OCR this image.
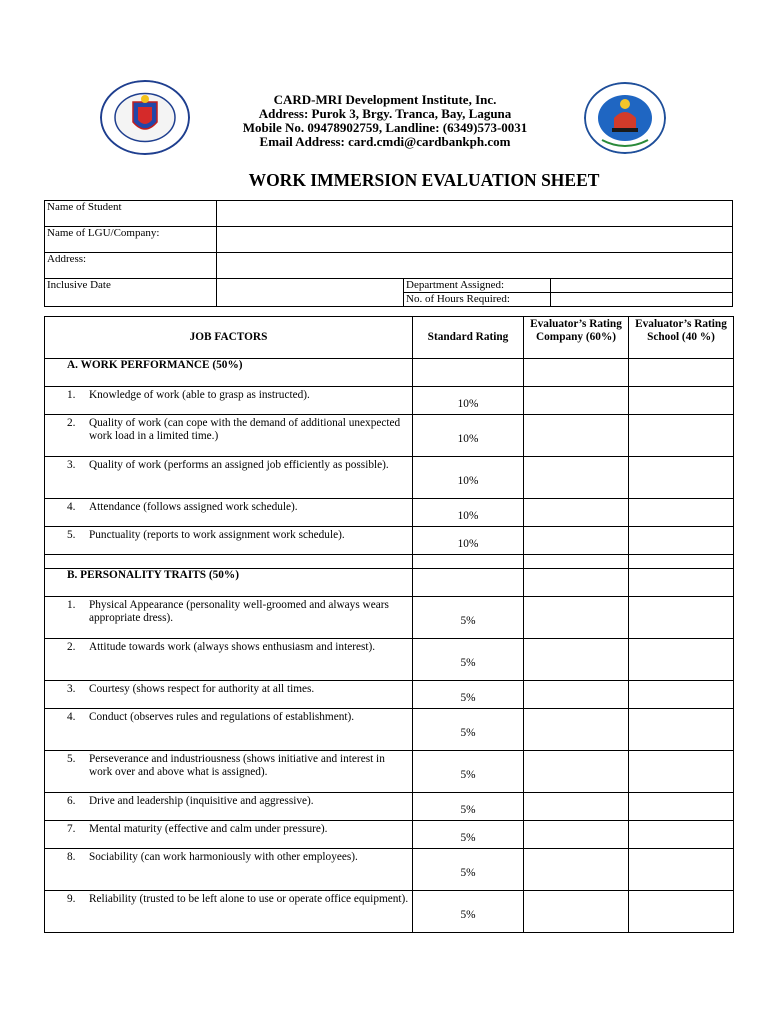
CARD-MRI Development Institute, Inc.
Address: Purok 3, Brgy. Tranca, Bay, Laguna
Mobile No. 09478902759, Landline: (6349)573-0031
Email Address: card.cmdi@cardbankph.com
WORK IMMERSION EVALUATION SHEET
Name of Student			
Name of LGU/Company:			
Address:			
Inclusive Date		Department Assigned:	
		No. of Hours Required:	
JOB FACTORS	Standard Rating	Evaluator’s Rating Company (60%)	Evaluator’s Rating School (40 %)
A. WORK PERFORMANCE (50%)			

1. Knowledge of work (able to grasp as instructed).	10%		

2. Quality of work (can cope with the demand of additional unexpected work load in a limited time.)	10%		

3. Quality of work (performs an assigned job efficiently as possible).	10%		

4. Attendance (follows assigned work schedule).	10%		

5. Punctuality (reports to work assignment work schedule).	10%		

B. PERSONALITY TRAITS (50%)			

1. Physical Appearance (personality well-groomed and always wears appropriate dress).	5%		

2. Attitude towards work (always shows enthusiasm and interest).	5%		

3. Courtesy (shows respect for authority at all times.	5%		

4. Conduct (observes rules and regulations of establishment).	5%		

5. Perseverance and industriousness (shows initiative and interest in work over and above what is assigned).	5%		

6. Drive and leadership (inquisitive and aggressive).	5%		

7. Mental maturity (effective and calm under pressure).	5%		

8. Sociability (can work harmoniously with other employees).	5%		

9. Reliability (trusted to be left alone to use or operate office equipment).	5%		
